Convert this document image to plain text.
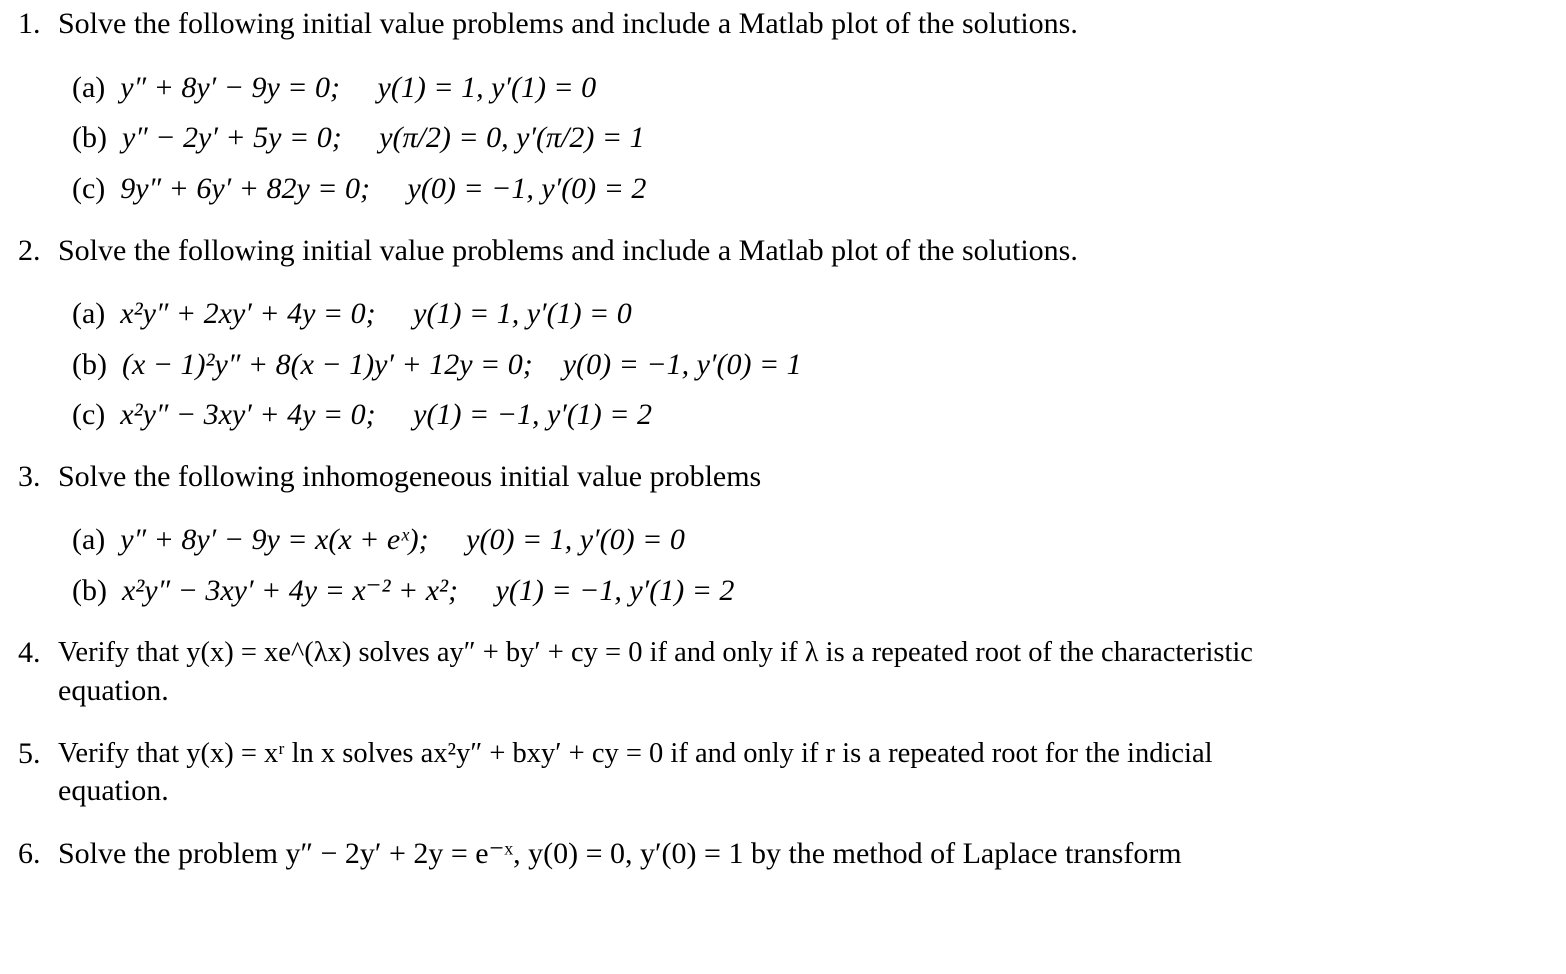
1. Solve the following initial value problems and include a Matlab plot of the solutions.
(a) y″ + 8y′ − 9y = 0; y(1) = 1, y′(1) = 0
(b) y″ − 2y′ + 5y = 0; y(π/2) = 0, y′(π/2) = 1
(c) 9y″ + 6y′ + 82y = 0; y(0) = −1, y′(0) = 2
2. Solve the following initial value problems and include a Matlab plot of the solutions.
(a) x²y″ + 2xy′ + 4y = 0; y(1) = 1, y′(1) = 0
(b) (x − 1)²y″ + 8(x − 1)y′ + 12y = 0; y(0) = −1, y′(0) = 1
(c) x²y″ − 3xy′ + 4y = 0; y(1) = −1, y′(1) = 2
3. Solve the following inhomogeneous initial value problems
(a) y″ + 8y′ − 9y = x(x + eˣ); y(0) = 1, y′(0) = 0
(b) x²y″ − 3xy′ + 4y = x⁻² + x²; y(1) = −1, y′(1) = 2
4. Verify that y(x) = xe^(λx) solves ay″ + by′ + cy = 0 if and only if λ is a repeated root of the characteristic
equation.
5. Verify that y(x) = xʳ ln x solves ax²y″ + bxy′ + cy = 0 if and only if r is a repeated root for the indicial
equation.
6. Solve the problem y″ − 2y′ + 2y = e⁻ˣ, y(0) = 0, y′(0) = 1 by the method of Laplace transform
